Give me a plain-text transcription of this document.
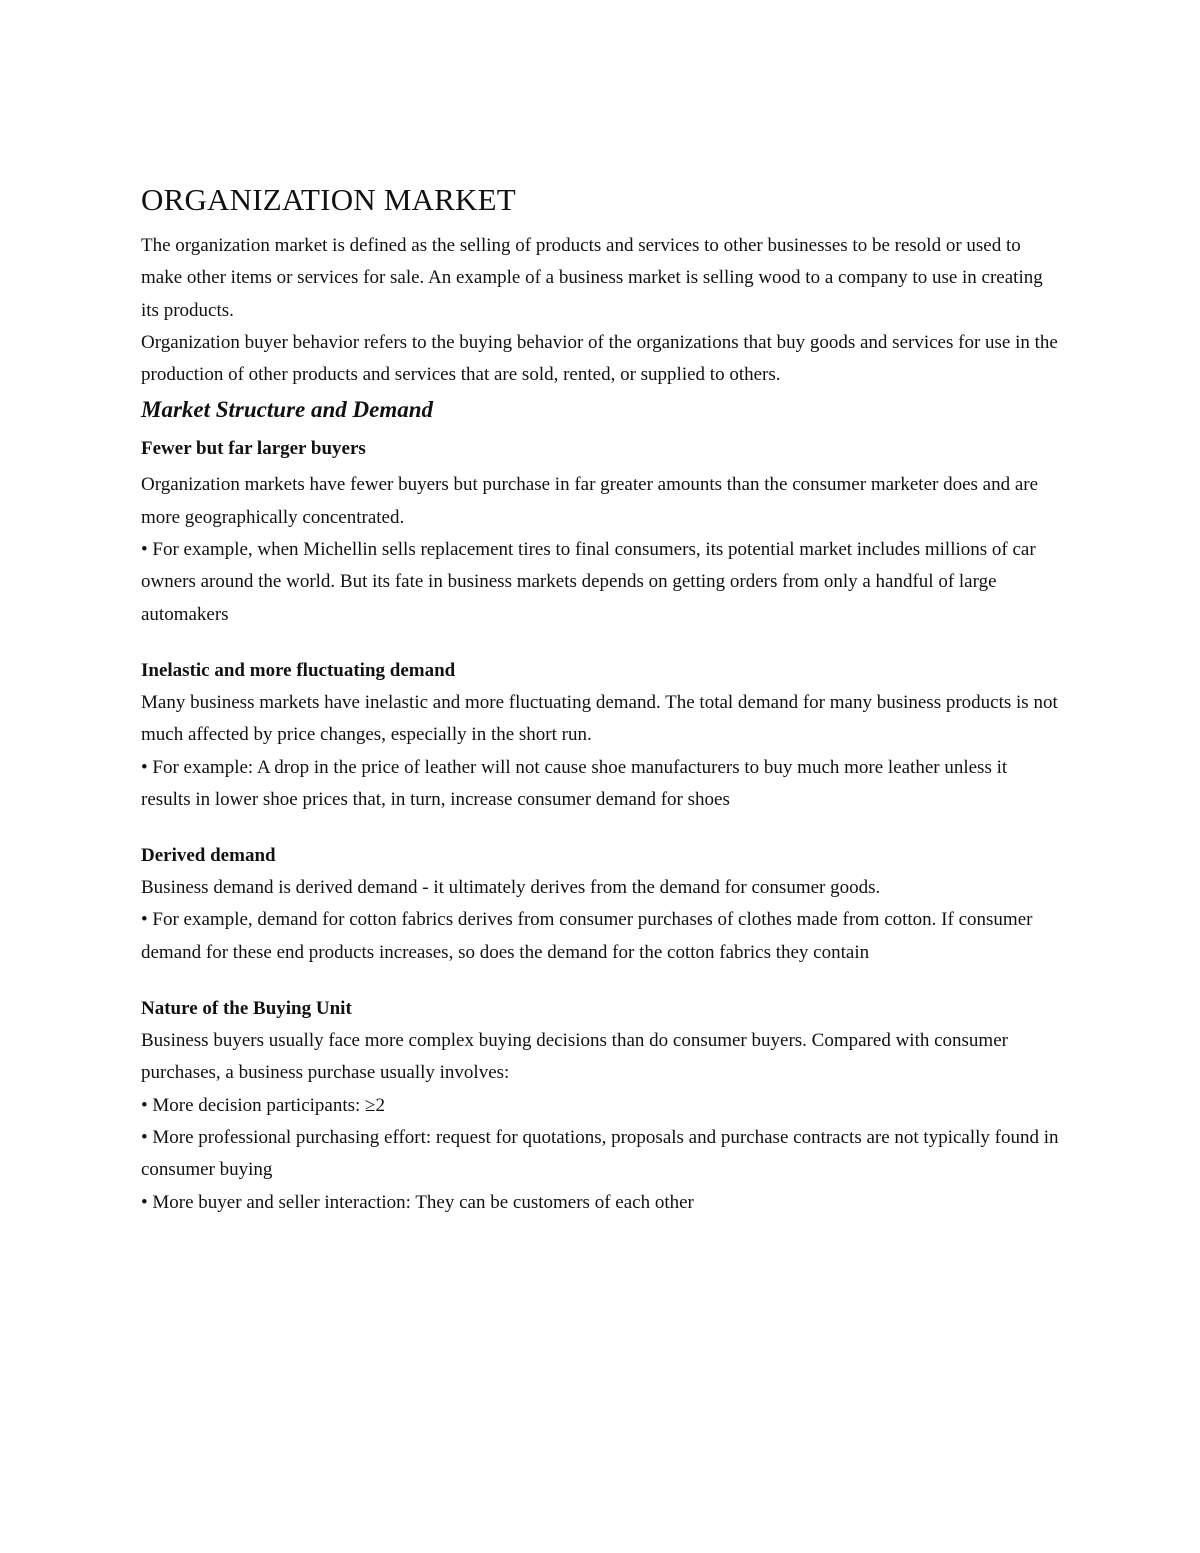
ORGANIZATION MARKET

The organization market is defined as the selling of products and services to other businesses to be resold or used to make other items or services for sale. An example of a business market is selling wood to a company to use in creating its products.

Organization buyer behavior refers to the buying behavior of the organizations that buy goods and services for use in the production of other products and services that are sold, rented, or supplied to others.

Market Structure and Demand
Fewer but far larger buyers

Organization markets have fewer buyers but purchase in far greater amounts than the consumer marketer does and are more geographically concentrated.

• For example, when Michellin sells replacement tires to final consumers, its potential market includes millions of car owners around the world. But its fate in business markets depends on getting orders from only a handful of large automakers

Inelastic and more fluctuating demand

Many business markets have inelastic and more fluctuating demand. The total demand for many business products is not much affected by price changes, especially in the short run.

• For example: A drop in the price of leather will not cause shoe manufacturers to buy much more leather unless it results in lower shoe prices that, in turn, increase consumer demand for shoes

Derived demand

Business demand is derived demand - it ultimately derives from the demand for consumer goods.

• For example, demand for cotton fabrics derives from consumer purchases of clothes made from cotton. If consumer demand for these end products increases, so does the demand for the cotton fabrics they contain

Nature of the Buying Unit

Business buyers usually face more complex buying decisions than do consumer buyers. Compared with consumer purchases, a business purchase usually involves:

• More decision participants: ≥2

• More professional purchasing effort: request for quotations, proposals and purchase contracts are not typically found in consumer buying

• More buyer and seller interaction: They can be customers of each other
